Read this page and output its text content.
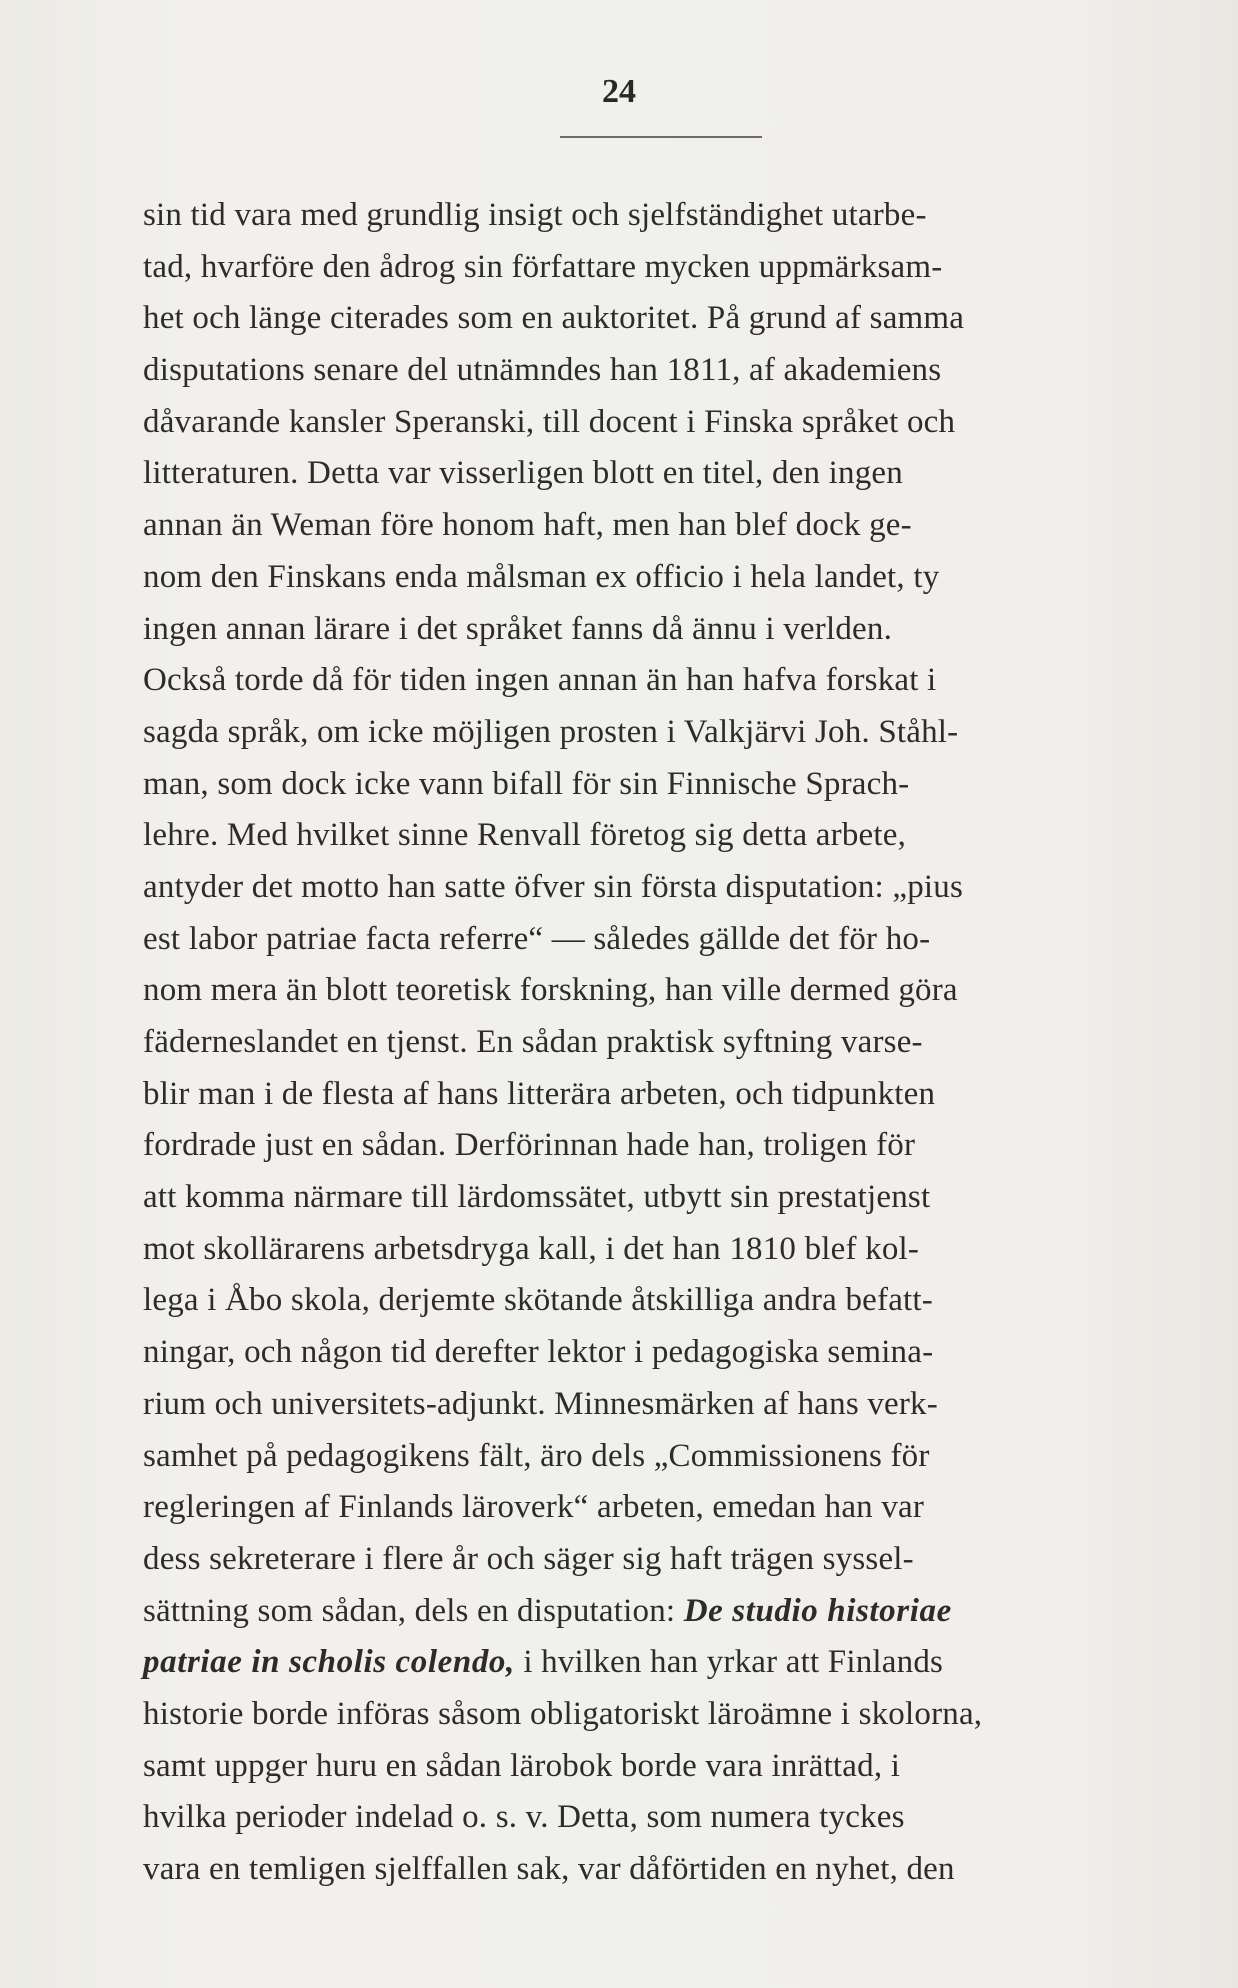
24
sin tid vara med grundlig insigt och sjelfständighet utarbe-
tad, hvarföre den ådrog sin författare mycken uppmärksam-
het och länge citerades som en auktoritet. På grund af samma
disputations senare del utnämndes han 1811, af akademiens
dåvarande kansler Speranski, till docent i Finska språket och
litteraturen. Detta var visserligen blott en titel, den ingen
annan än Weman före honom haft, men han blef dock ge-
nom den Finskans enda målsman ex officio i hela landet, ty
ingen annan lärare i det språket fanns då ännu i verlden.
Också torde då för tiden ingen annan än han hafva forskat i
sagda språk, om icke möjligen prosten i Valkjärvi Joh. Ståhl-
man, som dock icke vann bifall för sin Finnische Sprach-
lehre. Med hvilket sinne Renvall företog sig detta arbete,
antyder det motto han satte öfver sin första disputation: „pius
est labor patriae facta referre“ — således gällde det för ho-
nom mera än blott teoretisk forskning, han ville dermed göra
fäderneslandet en tjenst. En sådan praktisk syftning varse-
blir man i de flesta af hans litterära arbeten, och tidpunkten
fordrade just en sådan. Derförinnan hade han, troligen för
att komma närmare till lärdomssätet, utbytt sin prestatjenst
mot skollärarens arbetsdryga kall, i det han 1810 blef kol-
lega i Åbo skola, derjemte skötande åtskilliga andra befatt-
ningar, och någon tid derefter lektor i pedagogiska semina-
rium och universitets-adjunkt. Minnesmärken af hans verk-
samhet på pedagogikens fält, äro dels „Commissionens för
regleringen af Finlands läroverk“ arbeten, emedan han var
dess sekreterare i flere år och säger sig haft trägen syssel-
sättning som sådan, dels en disputation: De studio historiae
patriae in scholis colendo, i hvilken han yrkar att Finlands
historie borde införas såsom obligatoriskt läroämne i skolorna,
samt uppger huru en sådan lärobok borde vara inrättad, i
hvilka perioder indelad o. s. v. Detta, som numera tyckes
vara en temligen sjelffallen sak, var dåförtiden en nyhet, den
